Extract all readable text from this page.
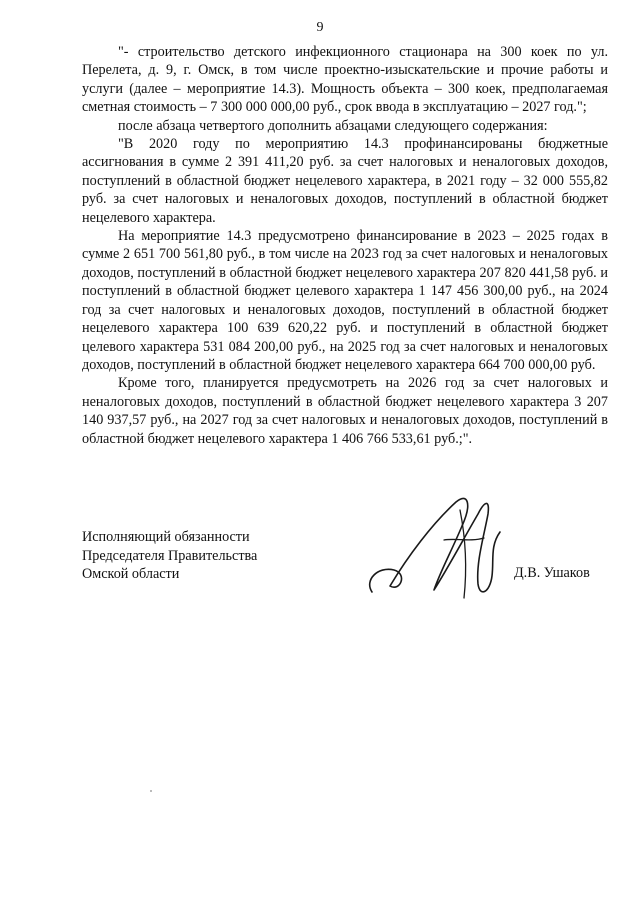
9

"- строительство детского инфекционного стационара на 300 коек по ул. Перелета, д. 9, г. Омск, в том числе проектно-изыскательские и прочие работы и услуги (далее – мероприятие 14.3). Мощность объекта – 300 коек, предполагаемая сметная стоимость – 7 300 000 000,00 руб., срок ввода в эксплуатацию – 2027 год.";

после абзаца четвертого дополнить абзацами следующего содержания:

"В 2020 году по мероприятию 14.3 профинансированы бюджетные ассигнования в сумме 2 391 411,20 руб. за счет налоговых и неналоговых доходов, поступлений в областной бюджет нецелевого характера, в 2021 году – 32 000 555,82 руб. за счет налоговых и неналоговых доходов, поступлений в областной бюджет нецелевого характера.

На мероприятие 14.3 предусмотрено финансирование в 2023 – 2025 годах в сумме 2 651 700 561,80 руб., в том числе на 2023 год за счет налоговых и неналоговых доходов, поступлений в областной бюджет нецелевого характера 207 820 441,58 руб. и поступлений в областной бюджет целевого характера 1 147 456 300,00 руб., на 2024 год за счет налоговых и неналоговых доходов, поступлений в областной бюджет нецелевого характера 100 639 620,22 руб. и поступлений в областной бюджет целевого характера 531 084 200,00 руб., на 2025 год за счет налоговых и неналоговых доходов, поступлений в областной бюджет нецелевого характера 664 700 000,00 руб.

Кроме того, планируется предусмотреть на 2026 год за счет налоговых и неналоговых доходов, поступлений в областной бюджет нецелевого характера 3 207 140 937,57 руб., на 2027 год за счет налоговых и неналоговых доходов, поступлений в областной бюджет нецелевого характера 1 406 766 533,61 руб.;".

Исполняющий обязанности
Председателя Правительства
Омской области	Д.В. Ушаков
